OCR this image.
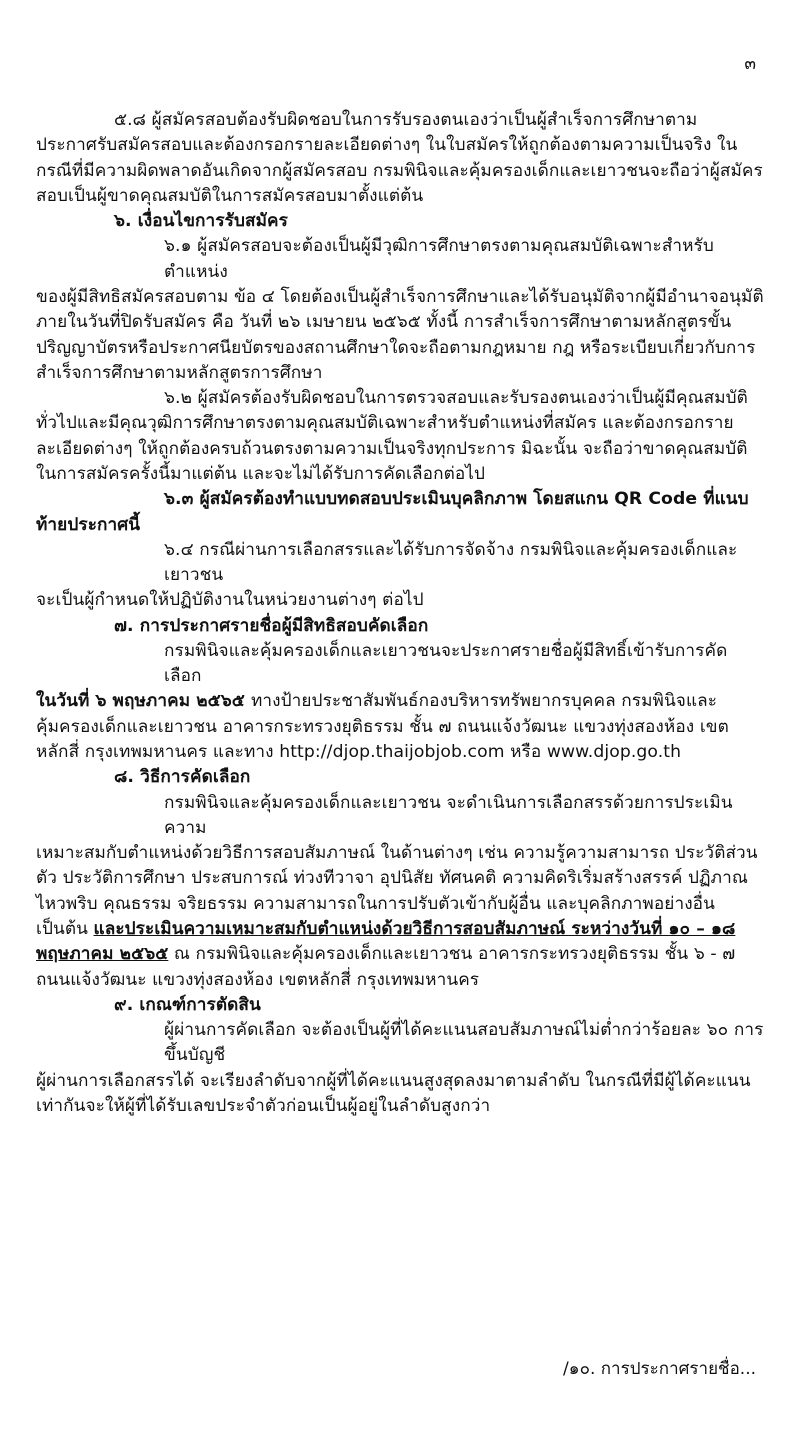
๓

๕.๘ ผู้สมัครสอบต้องรับผิดชอบในการรับรองตนเองว่าเป็นผู้สำเร็จการศึกษาตาม

ประกาศรับสมัครสอบและต้องกรอกรายละเอียดต่างๆ ในใบสมัครให้ถูกต้องตามความเป็นจริง ในกรณีที่มีความผิดพลาดอันเกิดจากผู้สมัครสอบ กรมพินิจและคุ้มครองเด็กและเยาวชนจะถือว่าผู้สมัครสอบเป็นผู้ขาดคุณสมบัติในการสมัครสอบมาตั้งแต่ต้น

๖. เงื่อนไขการรับสมัคร

๖.๑ ผู้สมัครสอบจะต้องเป็นผู้มีวุฒิการศึกษาตรงตามคุณสมบัติเฉพาะสำหรับตำแหน่ง

ของผู้มีสิทธิสมัครสอบตาม ข้อ ๔ โดยต้องเป็นผู้สำเร็จการศึกษาและได้รับอนุมัติจากผู้มีอำนาจอนุมัติภายในวันที่ปิดรับสมัคร คือ วันที่ ๒๖ เมษายน ๒๕๖๕ ทั้งนี้ การสำเร็จการศึกษาตามหลักสูตรขั้นปริญญาบัตรหรือประกาศนียบัตรของสถานศึกษาใดจะถือตามกฎหมาย กฎ หรือระเบียบเกี่ยวกับการสำเร็จการศึกษาตามหลักสูตรการศึกษา

๖.๒ ผู้สมัครต้องรับผิดชอบในการตรวจสอบและรับรองตนเองว่าเป็นผู้มีคุณสมบัติ

ทั่วไปและมีคุณวุฒิการศึกษาตรงตามคุณสมบัติเฉพาะสำหรับตำแหน่งที่สมัคร และต้องกรอกรายละเอียดต่างๆ ให้ถูกต้องครบถ้วนตรงตามความเป็นจริงทุกประการ มิฉะนั้น จะถือว่าขาดคุณสมบัติในการสมัครครั้งนี้มาแต่ต้น และจะไม่ได้รับการคัดเลือกต่อไป

๖.๓ ผู้สมัครต้องทำแบบทดสอบประเมินบุคลิกภาพ โดยสแกน QR Code ที่แนบ

ท้ายประกาศนี้

๖.๔ กรณีผ่านการเลือกสรรและได้รับการจัดจ้าง กรมพินิจและคุ้มครองเด็กและเยาวชน

จะเป็นผู้กำหนดให้ปฏิบัติงานในหน่วยงานต่างๆ ต่อไป

๗. การประกาศรายชื่อผู้มีสิทธิสอบคัดเลือก

กรมพินิจและคุ้มครองเด็กและเยาวชนจะประกาศรายชื่อผู้มีสิทธิ์เข้ารับการคัดเลือก

ในวันที่ ๖ พฤษภาคม ๒๕๖๕ ทางป้ายประชาสัมพันธ์กองบริหารทรัพยากรบุคคล กรมพินิจและคุ้มครองเด็กและเยาวชน อาคารกระทรวงยุติธรรม ชั้น ๗ ถนนแจ้งวัฒนะ แขวงทุ่งสองห้อง เขตหลักสี่ กรุงเทพมหานคร และทาง http://djop.thaijobjob.com หรือ www.djop.go.th

๘. วิธีการคัดเลือก

กรมพินิจและคุ้มครองเด็กและเยาวชน จะดำเนินการเลือกสรรด้วยการประเมินความ

เหมาะสมกับตำแหน่งด้วยวิธีการสอบสัมภาษณ์ ในด้านต่างๆ เช่น ความรู้ความสามารถ ประวัติส่วนตัว ประวัติการศึกษา ประสบการณ์ ท่วงทีวาจา อุปนิสัย ทัศนคติ ความคิดริเริ่มสร้างสรรค์ ปฏิภาณ ไหวพริบ คุณธรรม จริยธรรม ความสามารถในการปรับตัวเข้ากับผู้อื่น และบุคลิกภาพอย่างอื่น เป็นต้น และประเมินความเหมาะสมกับตำแหน่งด้วยวิธีการสอบสัมภาษณ์ ระหว่างวันที่ ๑๐ – ๑๘ พฤษภาคม ๒๕๖๕ ณ กรมพินิจและคุ้มครองเด็กและเยาวชน อาคารกระทรวงยุติธรรม ชั้น ๖ - ๗ ถนนแจ้งวัฒนะ แขวงทุ่งสองห้อง เขตหลักสี่ กรุงเทพมหานคร

๙. เกณฑ์การตัดสิน

ผู้ผ่านการคัดเลือก จะต้องเป็นผู้ที่ได้คะแนนสอบสัมภาษณ์ไม่ต่ำกว่าร้อยละ ๖๐ การขึ้นบัญชี

ผู้ผ่านการเลือกสรรได้ จะเรียงลำดับจากผู้ที่ได้คะแนนสูงสุดลงมาตามลำดับ ในกรณีที่มีผู้ได้คะแนนเท่ากันจะให้ผู้ที่ได้รับเลขประจำตัวก่อนเป็นผู้อยู่ในลำดับสูงกว่า

/๑๐. การประกาศรายชื่อ...
